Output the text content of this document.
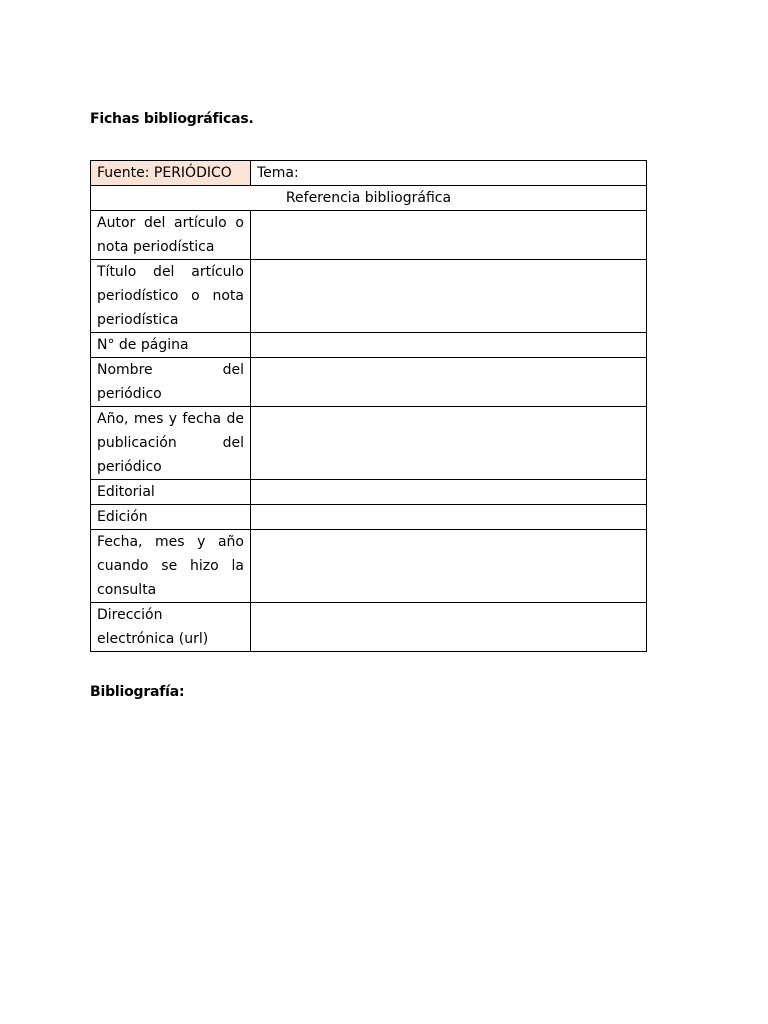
Fichas bibliográficas.
Fuente: PERIÓDICO	Tema:
Referencia bibliográfica	
Autor del artículo o nota periodística	
Título del artículo periodístico o nota periodística	
N° de página	
Nombre del periódico	
Año, mes y fecha de publicación del periódico	
Editorial	
Edición	
Fecha, mes y año cuando se hizo la consulta	
Dirección electrónica (url)	
Bibliografía:
